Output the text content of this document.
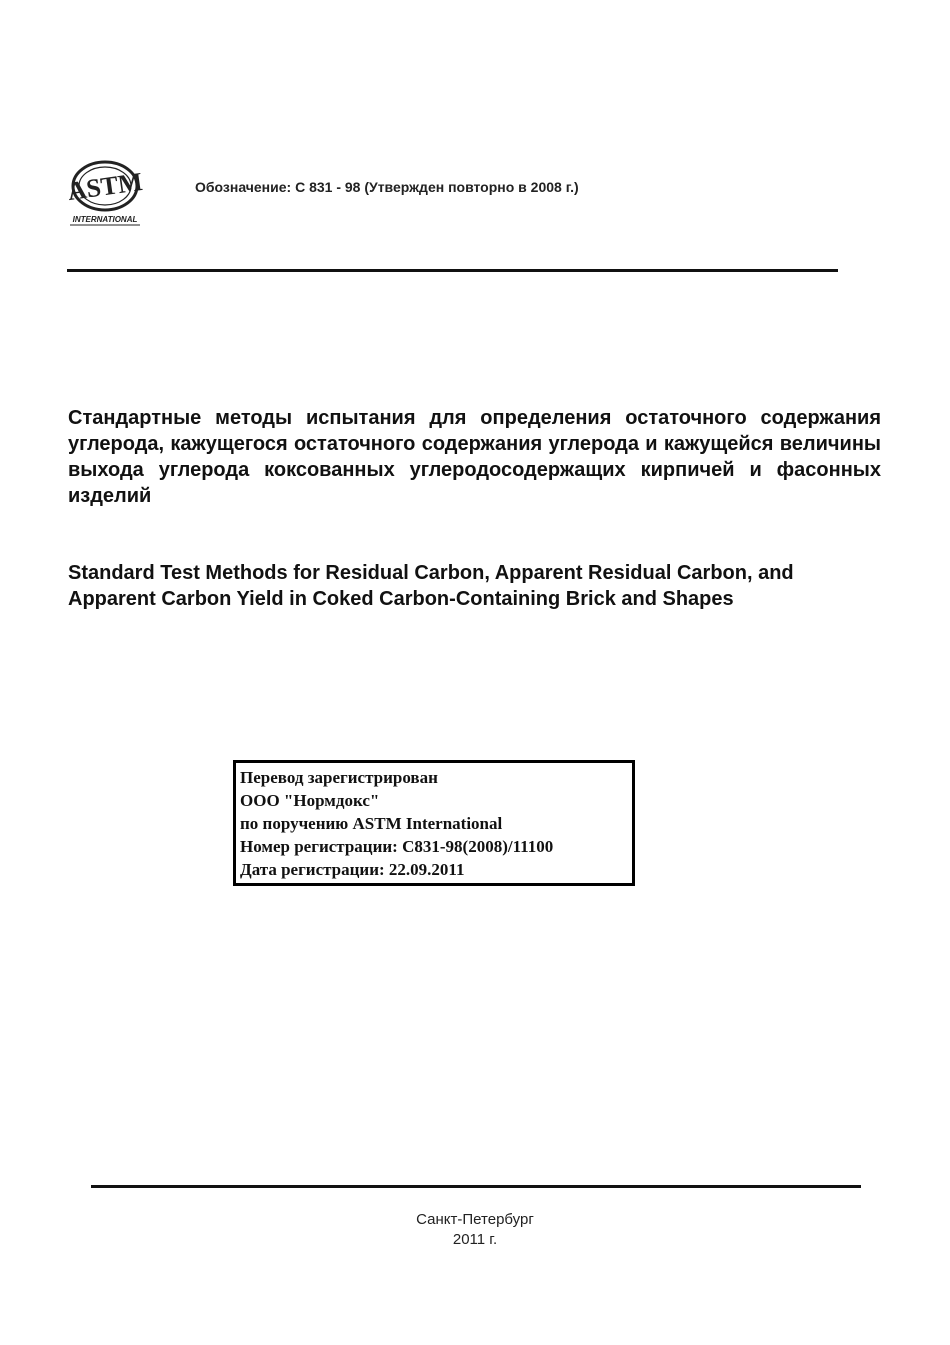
ASTM
INTERNATIONAL
Обозначение: C 831 - 98 (Утвержден повторно в 2008 г.)
Стандартные методы испытания для определения остаточного содержания углерода, кажущегося остаточного содержания углерода и кажущейся величины выхода углерода коксованных углеродосодержащих кирпичей и фасонных изделий
Standard Test Methods for Residual Carbon, Apparent Residual Carbon, and Apparent Carbon Yield in Coked Carbon-Containing Brick and Shapes
Перевод зарегистрирован
ООО "Нормдокс"
по поручению ASTM International
Номер регистрации: C831-98(2008)/11100
Дата регистрации: 22.09.2011
Санкт-Петербург
2011 г.
